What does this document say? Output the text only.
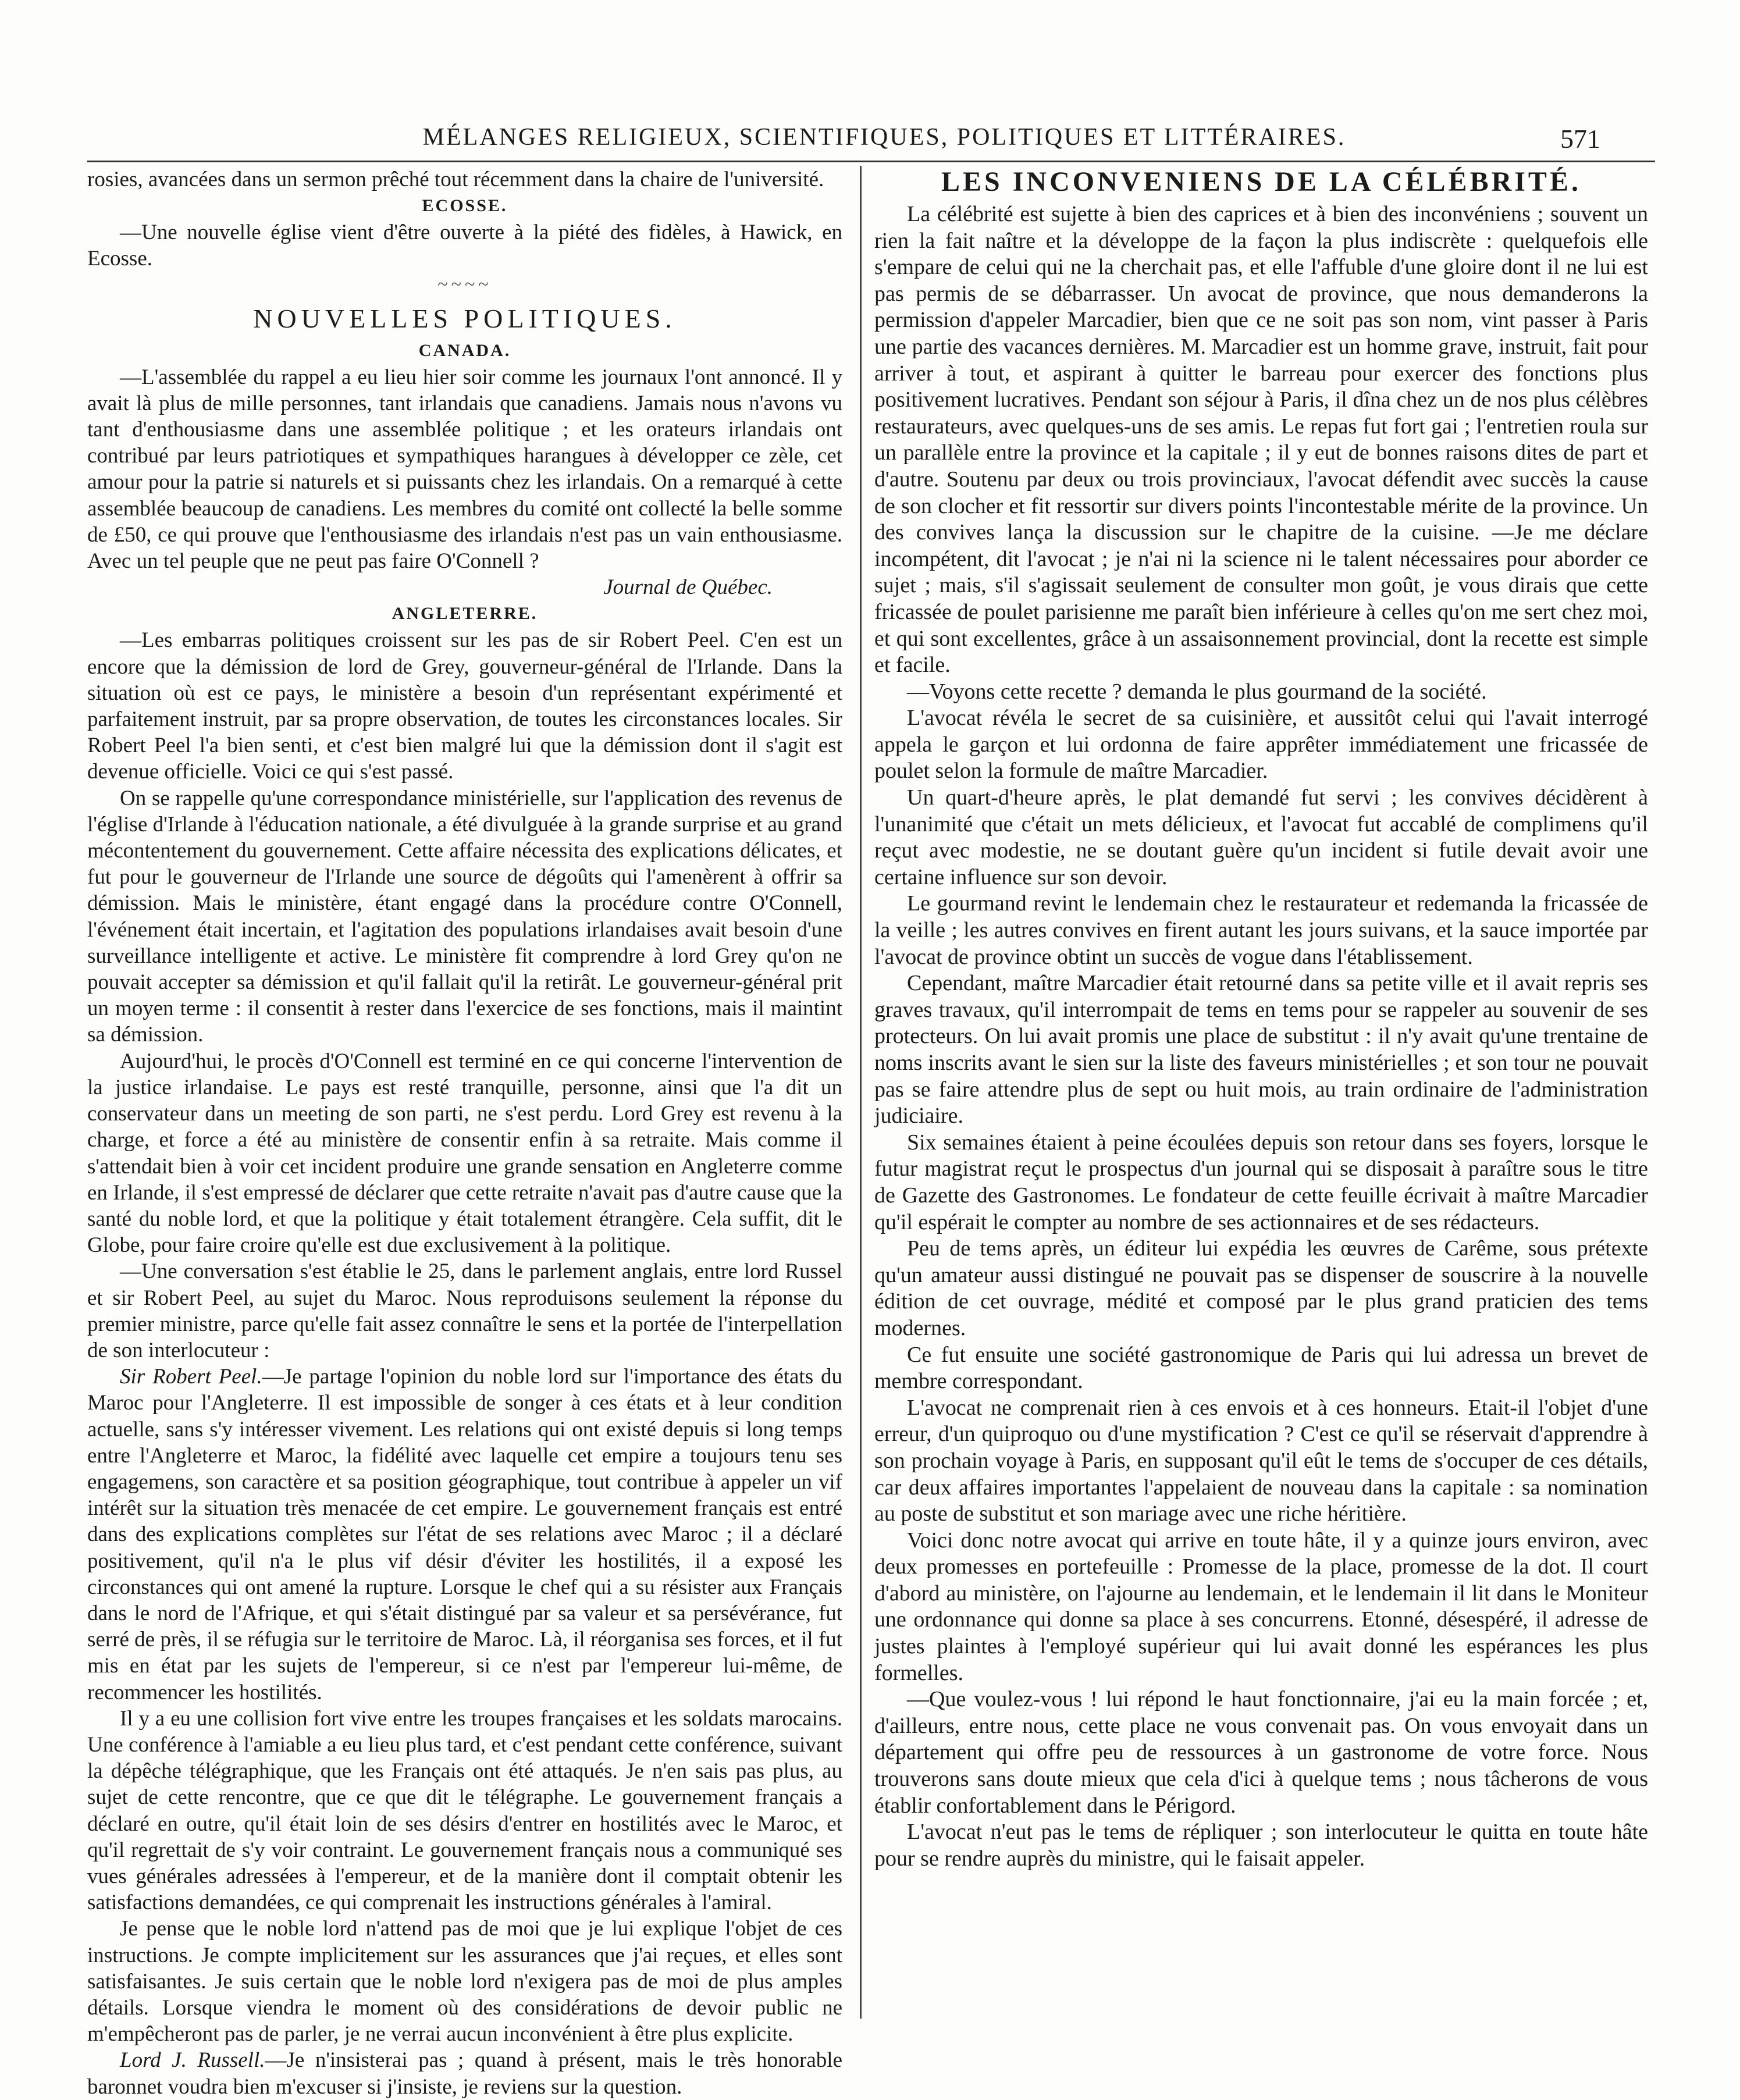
MÉLANGES RELIGIEUX, SCIENTIFIQUES, POLITIQUES ET LITTÉRAIRES.	571

rosies, avancées dans un sermon prêché tout récemment dans la chaire de l'université.

ECOSSE.

—Une nouvelle église vient d'être ouverte à la piété des fidèles, à Hawick, en Ecosse.

~~~~
NOUVELLES POLITIQUES.
CANADA.

—L'assemblée du rappel a eu lieu hier soir comme les journaux l'ont annoncé. Il y avait là plus de mille personnes, tant irlandais que canadiens. Jamais nous n'avons vu tant d'enthousiasme dans une assemblée politique ; et les orateurs irlandais ont contribué par leurs patriotiques et sympathiques harangues à développer ce zèle, cet amour pour la patrie si naturels et si puissants chez les irlandais. On a remarqué à cette assemblée beaucoup de canadiens. Les membres du comité ont collecté la belle somme de £50, ce qui prouve que l'enthousiasme des irlandais n'est pas un vain enthousiasme. Avec un tel peuple que ne peut pas faire O'Connell ?

Journal de Québec.
ANGLETERRE.

—Les embarras politiques croissent sur les pas de sir Robert Peel. C'en est un encore que la démission de lord de Grey, gouverneur-général de l'Irlande. Dans la situation où est ce pays, le ministère a besoin d'un représentant expérimenté et parfaitement instruit, par sa propre observation, de toutes les circonstances locales. Sir Robert Peel l'a bien senti, et c'est bien malgré lui que la démission dont il s'agit est devenue officielle. Voici ce qui s'est passé.

On se rappelle qu'une correspondance ministérielle, sur l'application des revenus de l'église d'Irlande à l'éducation nationale, a été divulguée à la grande surprise et au grand mécontentement du gouvernement. Cette affaire nécessita des explications délicates, et fut pour le gouverneur de l'Irlande une source de dégoûts qui l'amenèrent à offrir sa démission. Mais le ministère, étant engagé dans la procédure contre O'Connell, l'événement était incertain, et l'agitation des populations irlandaises avait besoin d'une surveillance intelligente et active. Le ministère fit comprendre à lord Grey qu'on ne pouvait accepter sa démission et qu'il fallait qu'il la retirât. Le gouverneur-général prit un moyen terme : il consentit à rester dans l'exercice de ses fonctions, mais il maintint sa démission.

Aujourd'hui, le procès d'O'Connell est terminé en ce qui concerne l'intervention de la justice irlandaise. Le pays est resté tranquille, personne, ainsi que l'a dit un conservateur dans un meeting de son parti, ne s'est perdu. Lord Grey est revenu à la charge, et force a été au ministère de consentir enfin à sa retraite. Mais comme il s'attendait bien à voir cet incident produire une grande sensation en Angleterre comme en Irlande, il s'est empressé de déclarer que cette retraite n'avait pas d'autre cause que la santé du noble lord, et que la politique y était totalement étrangère. Cela suffit, dit le Globe, pour faire croire qu'elle est due exclusivement à la politique.

—Une conversation s'est établie le 25, dans le parlement anglais, entre lord Russel et sir Robert Peel, au sujet du Maroc. Nous reproduisons seulement la réponse du premier ministre, parce qu'elle fait assez connaître le sens et la portée de l'interpellation de son interlocuteur :

Sir Robert Peel.—Je partage l'opinion du noble lord sur l'importance des états du Maroc pour l'Angleterre. Il est impossible de songer à ces états et à leur condition actuelle, sans s'y intéresser vivement. Les relations qui ont existé depuis si long temps entre l'Angleterre et Maroc, la fidélité avec laquelle cet empire a toujours tenu ses engagemens, son caractère et sa position géographique, tout contribue à appeler un vif intérêt sur la situation très menacée de cet empire. Le gouvernement français est entré dans des explications complètes sur l'état de ses relations avec Maroc ; il a déclaré positivement, qu'il n'a le plus vif désir d'éviter les hostilités, il a exposé les circonstances qui ont amené la rupture. Lorsque le chef qui a su résister aux Français dans le nord de l'Afrique, et qui s'était distingué par sa valeur et sa persévérance, fut serré de près, il se réfugia sur le territoire de Maroc. Là, il réorganisa ses forces, et il fut mis en état par les sujets de l'empereur, si ce n'est par l'empereur lui-même, de recommencer les hostilités.

Il y a eu une collision fort vive entre les troupes françaises et les soldats marocains. Une conférence à l'amiable a eu lieu plus tard, et c'est pendant cette conférence, suivant la dépêche télégraphique, que les Français ont été attaqués. Je n'en sais pas plus, au sujet de cette rencontre, que ce que dit le télégraphe. Le gouvernement français a déclaré en outre, qu'il était loin de ses désirs d'entrer en hostilités avec le Maroc, et qu'il regrettait de s'y voir contraint. Le gouvernement français nous a communiqué ses vues générales adressées à l'empereur, et de la manière dont il comptait obtenir les satisfactions demandées, ce qui comprenait les instructions générales à l'amiral.

Je pense que le noble lord n'attend pas de moi que je lui explique l'objet de ces instructions. Je compte implicitement sur les assurances que j'ai reçues, et elles sont satisfaisantes. Je suis certain que le noble lord n'exigera pas de moi de plus amples détails. Lorsque viendra le moment où des considérations de devoir public ne m'empêcheront pas de parler, je ne verrai aucun inconvénient à être plus explicite.

Lord J. Russell.—Je n'insisterai pas ; quand à présent, mais le très honorable baronnet voudra bien m'excuser si j'insiste, je reviens sur la question.

LES INCONVENIENS DE LA CÉLÉBRITÉ.

La célébrité est sujette à bien des caprices et à bien des inconvéniens ; souvent un rien la fait naître et la développe de la façon la plus indiscrète : quelquefois elle s'empare de celui qui ne la cherchait pas, et elle l'affuble d'une gloire dont il ne lui est pas permis de se débarrasser. Un avocat de province, que nous demanderons la permission d'appeler Marcadier, bien que ce ne soit pas son nom, vint passer à Paris une partie des vacances dernières. M. Marcadier est un homme grave, instruit, fait pour arriver à tout, et aspirant à quitter le barreau pour exercer des fonctions plus positivement lucratives. Pendant son séjour à Paris, il dîna chez un de nos plus célèbres restaurateurs, avec quelques-uns de ses amis. Le repas fut fort gai ; l'entretien roula sur un parallèle entre la province et la capitale ; il y eut de bonnes raisons dites de part et d'autre. Soutenu par deux ou trois provinciaux, l'avocat défendit avec succès la cause de son clocher et fit ressortir sur divers points l'incontestable mérite de la province. Un des convives lança la discussion sur le chapitre de la cuisine. —Je me déclare incompétent, dit l'avocat ; je n'ai ni la science ni le talent nécessaires pour aborder ce sujet ; mais, s'il s'agissait seulement de consulter mon goût, je vous dirais que cette fricassée de poulet parisienne me paraît bien inférieure à celles qu'on me sert chez moi, et qui sont excellentes, grâce à un assaisonnement provincial, dont la recette est simple et facile.

—Voyons cette recette ? demanda le plus gourmand de la société.

L'avocat révéla le secret de sa cuisinière, et aussitôt celui qui l'avait interrogé appela le garçon et lui ordonna de faire apprêter immédiatement une fricassée de poulet selon la formule de maître Marcadier.

Un quart-d'heure après, le plat demandé fut servi ; les convives décidèrent à l'unanimité que c'était un mets délicieux, et l'avocat fut accablé de complimens qu'il reçut avec modestie, ne se doutant guère qu'un incident si futile devait avoir une certaine influence sur son devoir.

Le gourmand revint le lendemain chez le restaurateur et redemanda la fricassée de la veille ; les autres convives en firent autant les jours suivans, et la sauce importée par l'avocat de province obtint un succès de vogue dans l'établissement.

Cependant, maître Marcadier était retourné dans sa petite ville et il avait repris ses graves travaux, qu'il interrompait de tems en tems pour se rappeler au souvenir de ses protecteurs. On lui avait promis une place de substitut : il n'y avait qu'une trentaine de noms inscrits avant le sien sur la liste des faveurs ministérielles ; et son tour ne pouvait pas se faire attendre plus de sept ou huit mois, au train ordinaire de l'administration judiciaire.

Six semaines étaient à peine écoulées depuis son retour dans ses foyers, lorsque le futur magistrat reçut le prospectus d'un journal qui se disposait à paraître sous le titre de Gazette des Gastronomes. Le fondateur de cette feuille écrivait à maître Marcadier qu'il espérait le compter au nombre de ses actionnaires et de ses rédacteurs.

Peu de tems après, un éditeur lui expédia les œuvres de Carême, sous prétexte qu'un amateur aussi distingué ne pouvait pas se dispenser de souscrire à la nouvelle édition de cet ouvrage, médité et composé par le plus grand praticien des tems modernes.

Ce fut ensuite une société gastronomique de Paris qui lui adressa un brevet de membre correspondant.

L'avocat ne comprenait rien à ces envois et à ces honneurs. Etait-il l'objet d'une erreur, d'un quiproquo ou d'une mystification ? C'est ce qu'il se réservait d'apprendre à son prochain voyage à Paris, en supposant qu'il eût le tems de s'occuper de ces détails, car deux affaires importantes l'appelaient de nouveau dans la capitale : sa nomination au poste de substitut et son mariage avec une riche héritière.

Voici donc notre avocat qui arrive en toute hâte, il y a quinze jours environ, avec deux promesses en portefeuille : Promesse de la place, promesse de la dot. Il court d'abord au ministère, on l'ajourne au lendemain, et le lendemain il lit dans le Moniteur une ordonnance qui donne sa place à ses concurrens. Etonné, désespéré, il adresse de justes plaintes à l'employé supérieur qui lui avait donné les espérances les plus formelles.

—Que voulez-vous ! lui répond le haut fonctionnaire, j'ai eu la main forcée ; et, d'ailleurs, entre nous, cette place ne vous convenait pas. On vous envoyait dans un département qui offre peu de ressources à un gastronome de votre force. Nous trouverons sans doute mieux que cela d'ici à quelque tems ; nous tâcherons de vous établir confortablement dans le Périgord.

L'avocat n'eut pas le tems de répliquer ; son interlocuteur le quitta en toute hâte pour se rendre auprès du ministre, qui le faisait appeler.
